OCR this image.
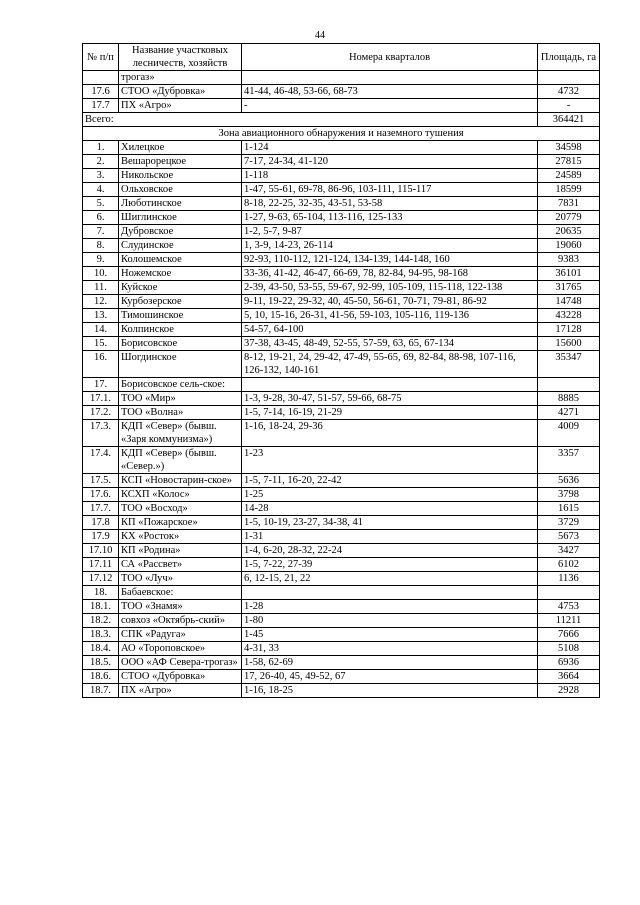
44
№ п/п	Название участковых лесничеств, хозяйств	Номера кварталов	Площадь, га
	трогаз»		
17.6	СТОО «Дубровка»	41-44, 46-48, 53-66, 68-73	4732
17.7	ПХ «Агро»	-	-
Всего:			364421
Зона авиационного обнаружения и наземного тушения			
1.	Хилецкое	1-124	34598
2.	Вешарорецкое	7-17, 24-34, 41-120	27815
3.	Никольское	1-118	24589
4.	Ольховское	1-47, 55-61, 69-78, 86-96, 103-111, 115-117	18599
5.	Люботинское	8-18, 22-25, 32-35, 43-51, 53-58	7831
6.	Шиглинское	1-27, 9-63, 65-104, 113-116, 125-133	20779
7.	Дубровское	1-2, 5-7, 9-87	20635
8.	Слудинское	1, 3-9, 14-23, 26-114	19060
9.	Колошемское	92-93, 110-112, 121-124, 134-139, 144-148, 160	9383
10.	Ножемское	33-36, 41-42, 46-47, 66-69, 78, 82-84, 94-95, 98-168	36101
11.	Куйское	2-39, 43-50, 53-55, 59-67, 92-99, 105-109, 115-118, 122-138	31765
12.	Курбозерское	9-11, 19-22, 29-32, 40, 45-50, 56-61, 70-71, 79-81, 86-92	14748
13.	Тимошинское	5, 10, 15-16, 26-31, 41-56, 59-103, 105-116, 119-136	43228
14.	Колпинское	54-57, 64-100	17128
15.	Борисовское	37-38, 43-45, 48-49, 52-55, 57-59, 63, 65, 67-134	15600
16.	Шогдинское	8-12, 19-21, 24, 29-42, 47-49, 55-65, 69, 82-84, 88-98, 107-116, 126-132, 140-161	35347
17.	Борисовское сель-ское:		
17.1.	ТОО «Мир»	1-3, 9-28, 30-47, 51-57, 59-66, 68-75	8885
17.2.	ТОО «Волна»	1-5, 7-14, 16-19, 21-29	4271
17.3.	КДП «Север» (бывш. «Заря коммунизма»)	1-16, 18-24, 29-36	4009
17.4.	КДП «Север» (бывш. «Север.»)	1-23	3357
17.5.	КСП «Новостарин-ское»	1-5, 7-11, 16-20, 22-42	5636
17.6.	КСХП «Колос»	1-25	3798
17.7.	ТОО «Восход»	14-28	1615
17.8	КП «Пожарское»	1-5, 10-19, 23-27, 34-38, 41	3729
17.9	КХ «Росток»	1-31	5673
17.10	КП «Родина»	1-4, 6-20, 28-32, 22-24	3427
17.11	СА «Рассвет»	1-5, 7-22, 27-39	6102
17.12	ТОО «Луч»	6, 12-15, 21, 22	1136
18.	Бабаевское:		
18.1.	ТОО «Знамя»	1-28	4753
18.2.	совхоз «Октябрь-ский»	1-80	11211
18.3.	СПК «Радуга»	1-45	7666
18.4.	АО «Тороповское»	4-31, 33	5108
18.5.	ООО «АФ Севера-трогаз»	1-58, 62-69	6936
18.6.	СТОО «Дубровка»	17, 26-40, 45, 49-52, 67	3664
18.7.	ПХ «Агро»	1-16, 18-25	2928
